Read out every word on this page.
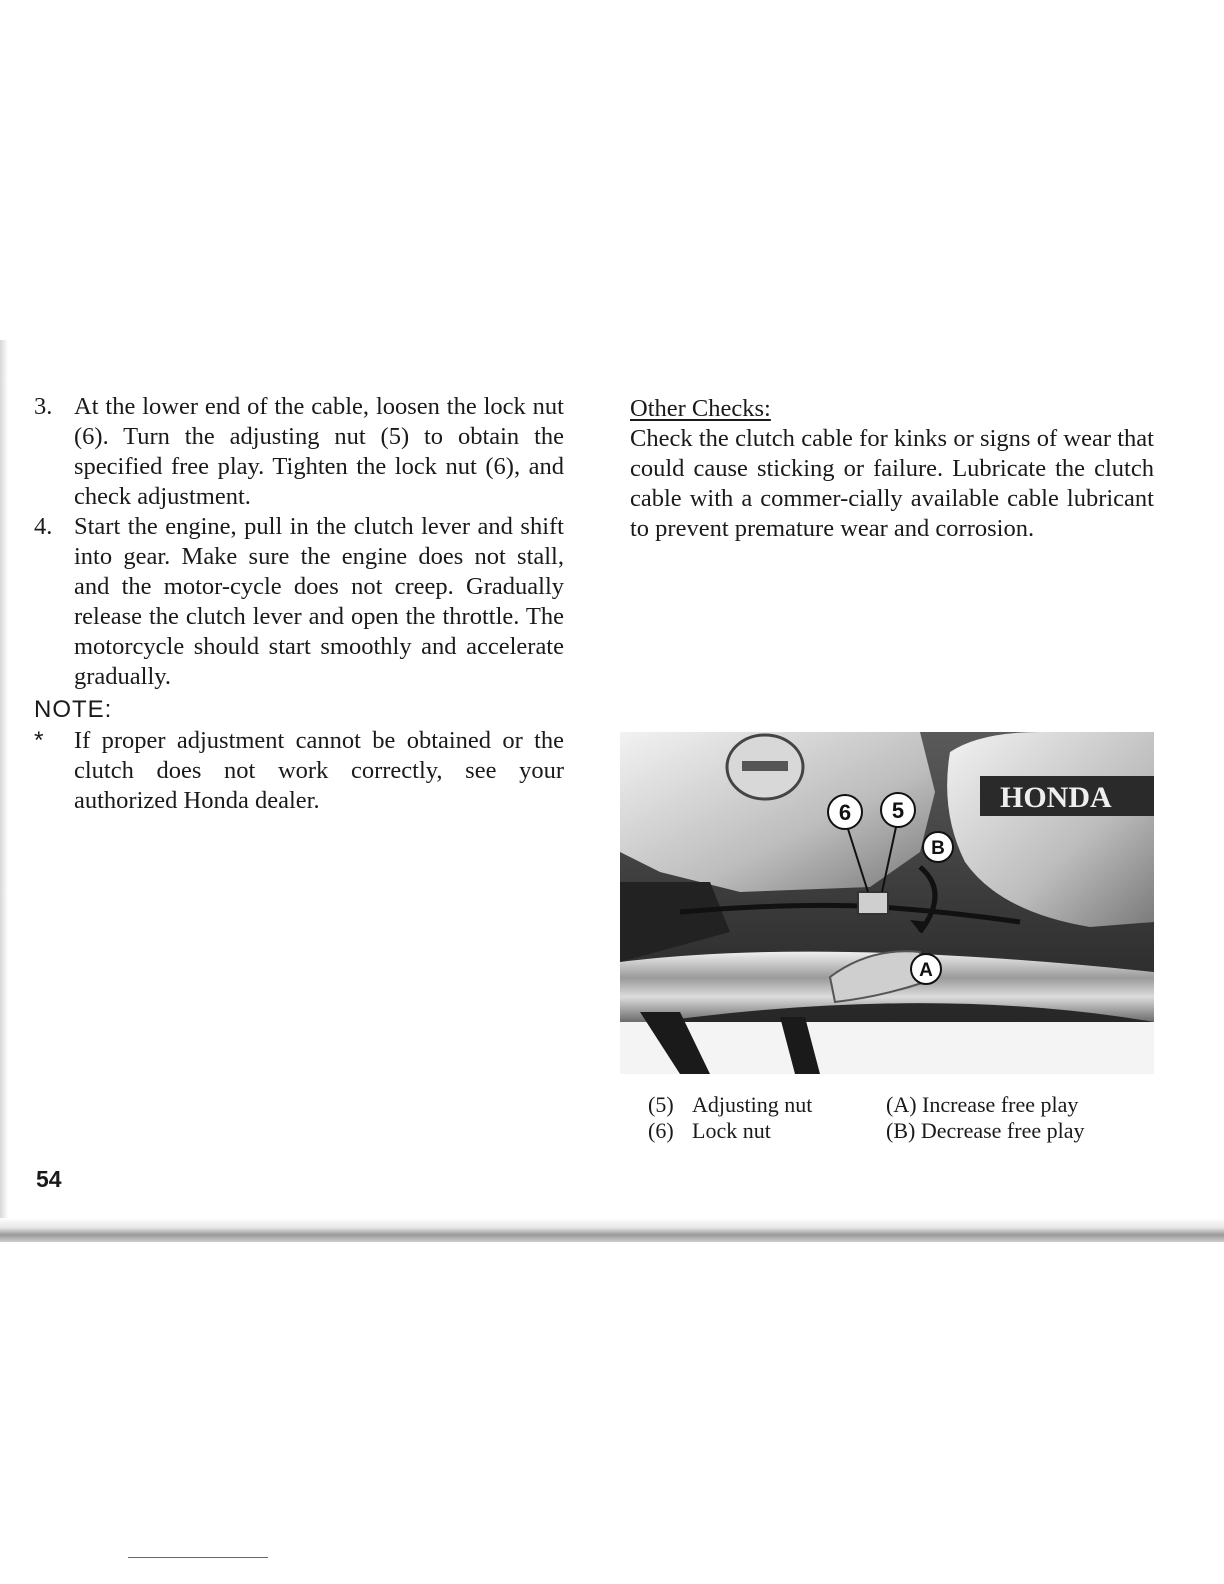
3. At the lower end of the cable, loosen the lock nut (6). Turn the adjusting nut (5) to obtain the specified free play. Tighten the lock nut (6), and check adjustment.
4. Start the engine, pull in the clutch lever and shift into gear. Make sure the engine does not stall, and the motor-cycle does not creep. Gradually release the clutch lever and open the throttle. The motorcycle should start smoothly and accelerate gradually.
NOTE:
*	If proper adjustment cannot be obtained or the clutch does not work correctly, see your authorized Honda dealer.
Other Checks:
Check the clutch cable for kinks or signs of wear that could cause sticking or failure. Lubricate the clutch cable with a commer-cially available cable lubricant to prevent premature wear and corrosion.
HONDA
6 5
B
A
(5) Adjusting nut	(A) Increase free play
(6) Lock nut	(B) Decrease free play
54
